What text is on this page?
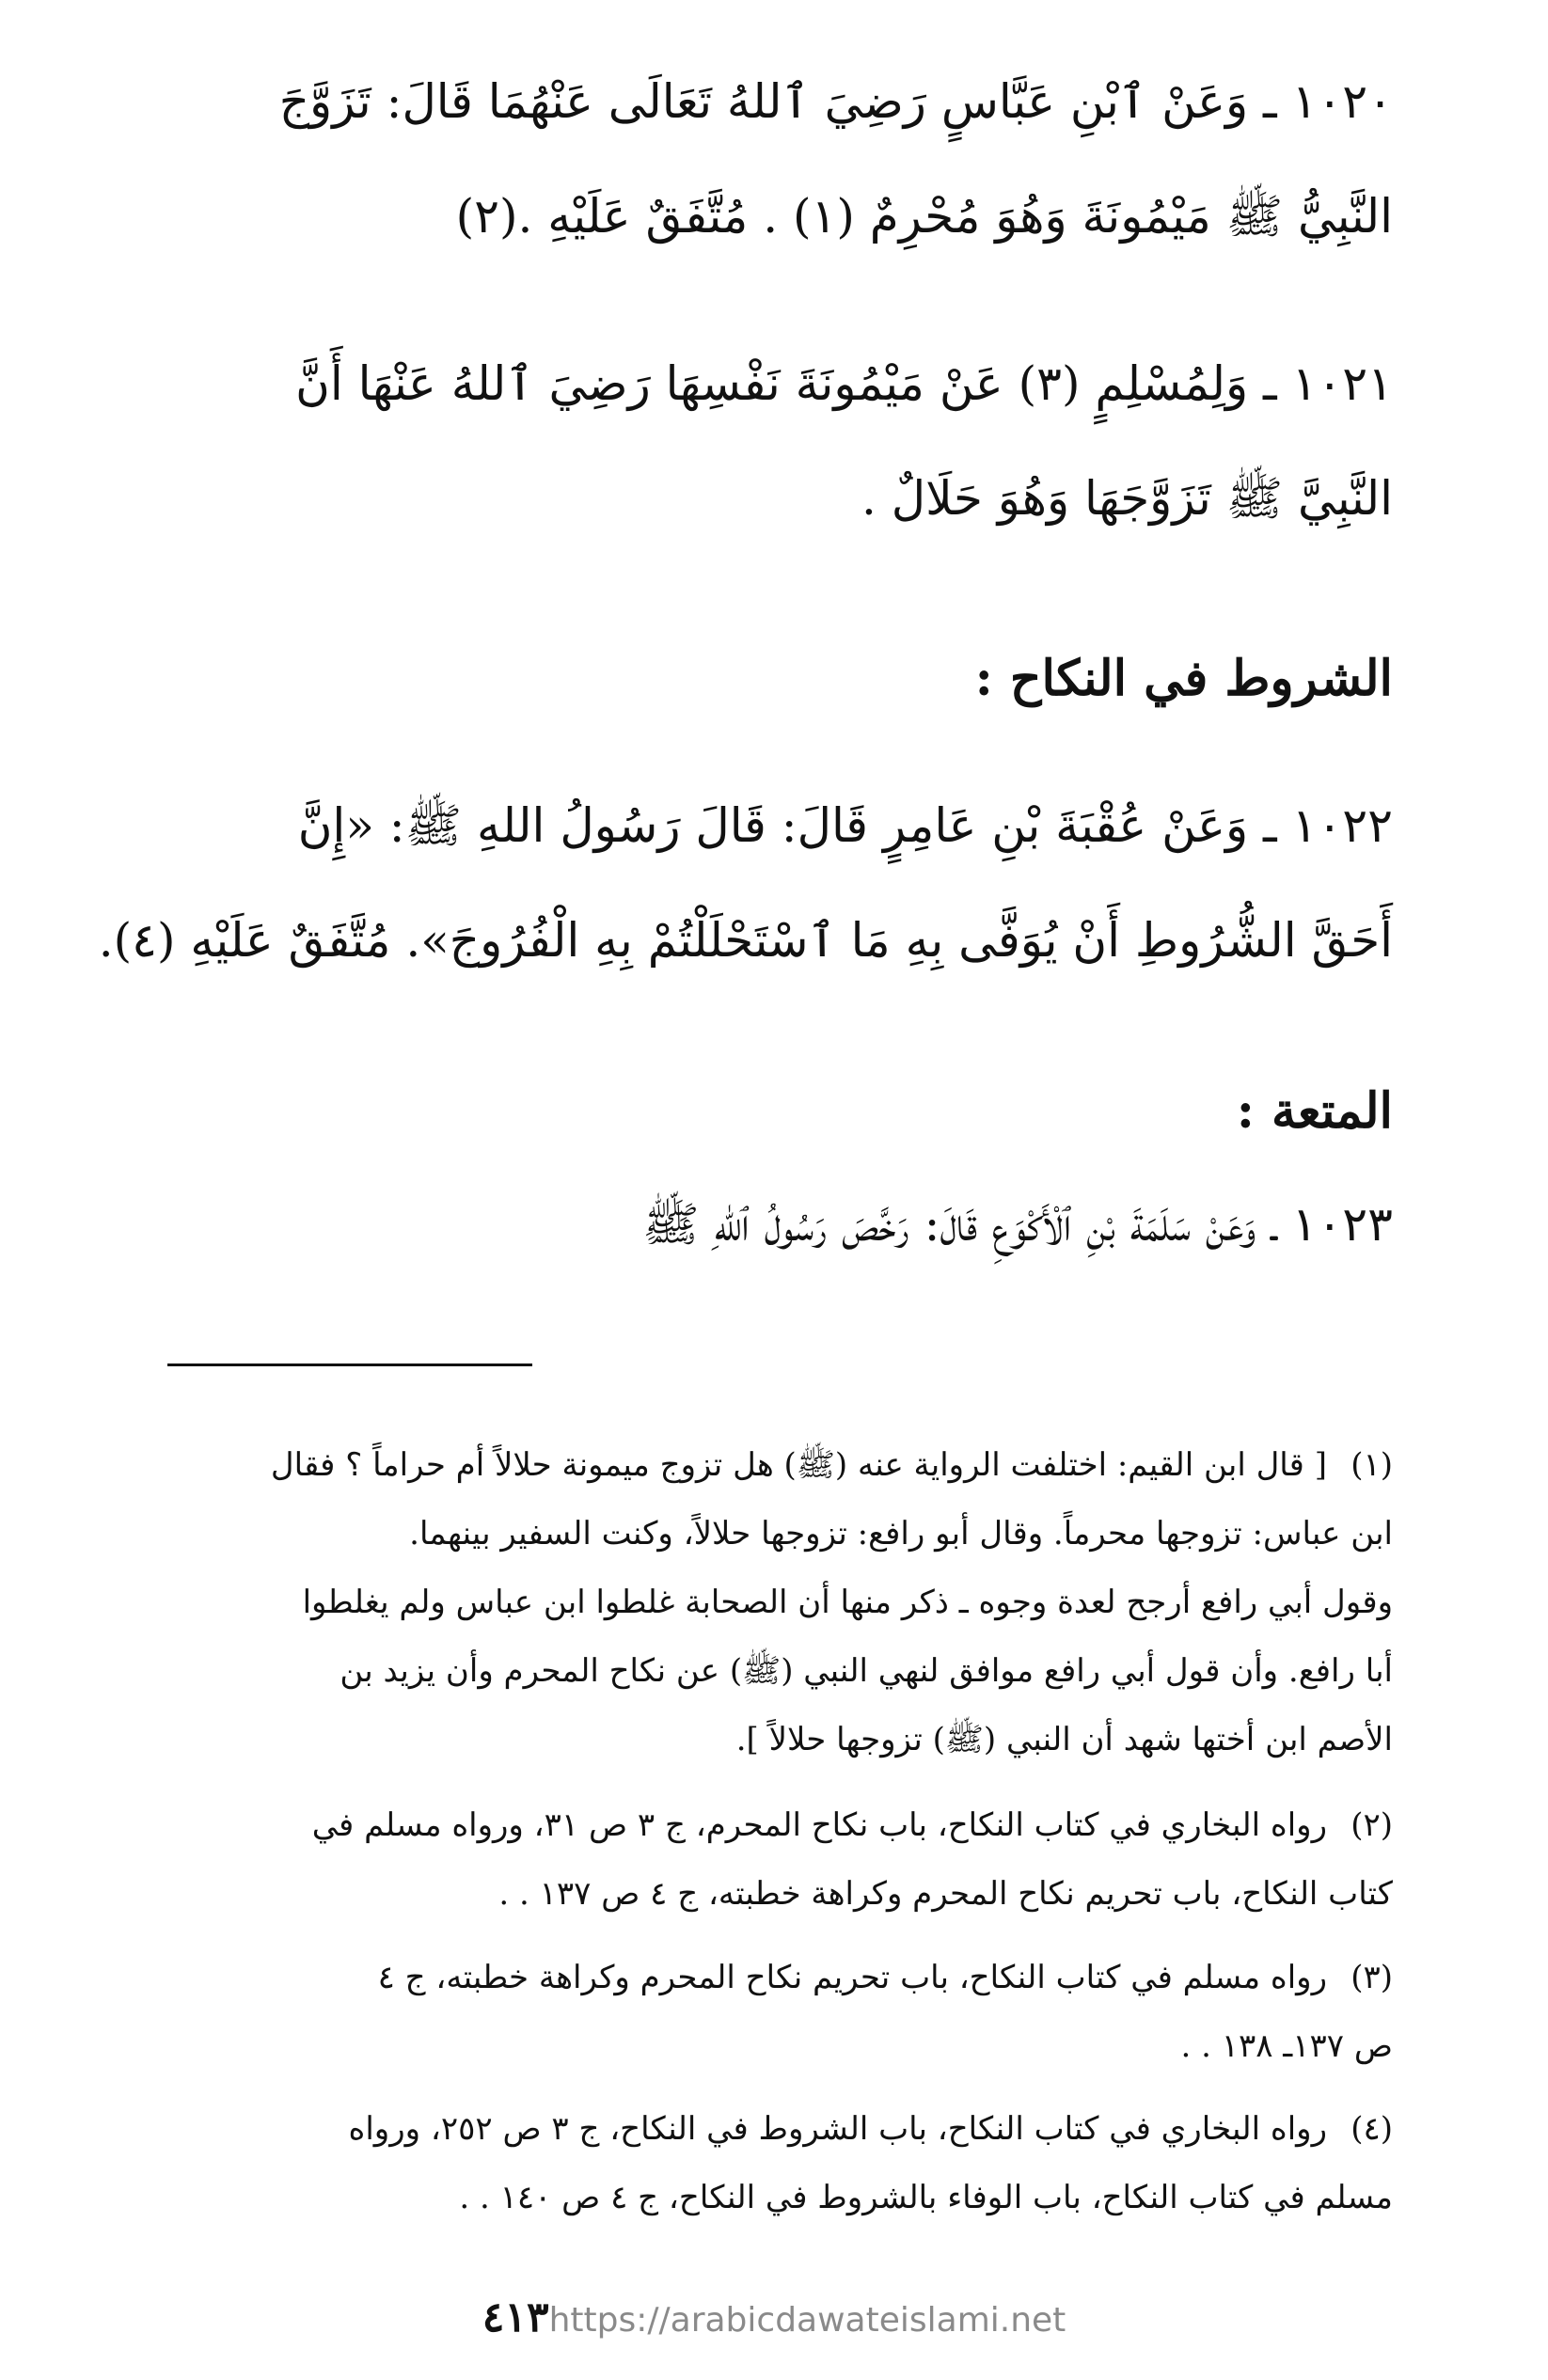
١٠٢٠ ـ وَعَنْ ٱبْنِ عَبَّاسٍ رَضِيَ ٱللهُ تَعَالَى عَنْهُمَا قَالَ: تَزَوَّجَ
النَّبِيُّ ﷺ مَيْمُونَةَ وَهُوَ مُحْرِمٌ (١) . مُتَّفَقٌ عَلَيْهِ .(٢)
١٠٢١ ـ وَلِمُسْلِمٍ (٣) عَنْ مَيْمُونَةَ نَفْسِهَا رَضِيَ ٱللهُ عَنْهَا أَنَّ
النَّبِيَّ ﷺ تَزَوَّجَهَا وَهُوَ حَلَالٌ .
الشروط في النكاح :
١٠٢٢ ـ وَعَنْ عُقْبَةَ بْنِ عَامِرٍ قَالَ: قَالَ رَسُولُ اللهِ ﷺ: «إِنَّ
أَحَقَّ الشُّرُوطِ أَنْ يُوَفَّى بِهِ مَا ٱسْتَحْلَلْتُمْ بِهِ الْفُرُوجَ». مُتَّفَقٌ عَلَيْهِ (٤).
المتعة :
١٠٢٣ ـ وَعَنْ سَلَمَةَ بْنِ ٱلْأَكْوَعِ قَالَ: رَخَّصَ رَسُولُ ٱللهِ ﷺ
(١)[ قال ابن القيم: اختلفت الرواية عنه (ﷺ) هل تزوج ميمونة حلالاً أم حراماً ؟ فقال
ابن عباس: تزوجها محرماً. وقال أبو رافع: تزوجها حلالاً، وكنت السفير بينهما.
وقول أبي رافع أرجح لعدة وجوه ـ ذكر منها أن الصحابة غلطوا ابن عباس ولم يغلطوا
أبا رافع. وأن قول أبي رافع موافق لنهي النبي (ﷺ) عن نكاح المحرم وأن يزيد بن
الأصم ابن أختها شهد أن النبي (ﷺ) تزوجها حلالاً ].
(٢)رواه البخاري في كتاب النكاح، باب نكاح المحرم، ج ٣ ص ٣١، ورواه مسلم في
كتاب النكاح، باب تحريم نكاح المحرم وكراهة خطبته، ج ٤ ص ١٣٧ . .
(٣)رواه مسلم في كتاب النكاح، باب تحريم نكاح المحرم وكراهة خطبته، ج ٤
ص ١٣٧ـ ١٣٨ . .
(٤)رواه البخاري في كتاب النكاح، باب الشروط في النكاح، ج ٣ ص ٢٥٢، ورواه
مسلم في كتاب النكاح، باب الوفاء بالشروط في النكاح، ج ٤ ص ١٤٠ . .
٤١٣https://arabicdawateislami.net
